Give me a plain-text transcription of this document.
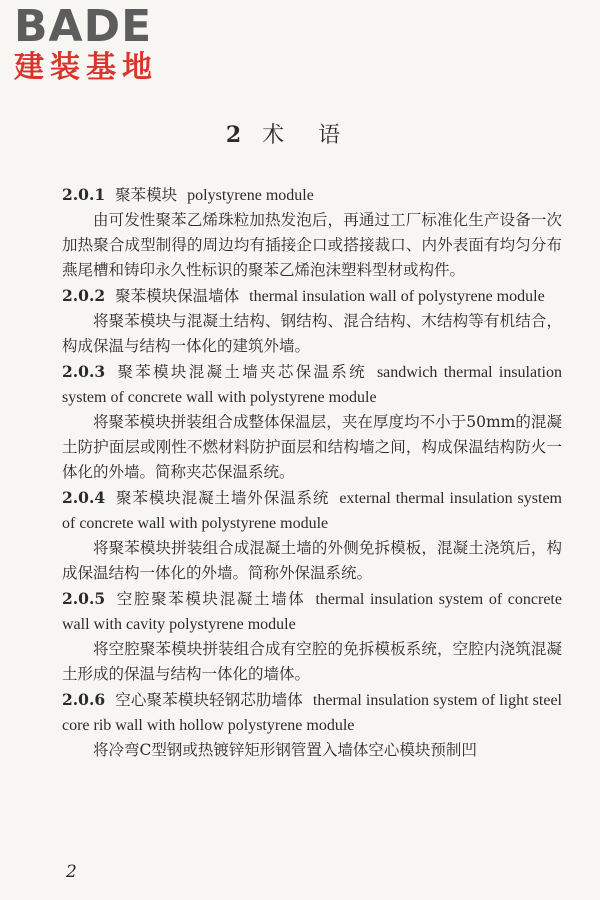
BADE
建装基地
2 术语
2.0.1 聚苯模块 polystyrene module
由可发性聚苯乙烯珠粒加热发泡后，再通过工厂标准化生产设备一次加热聚合成型制得的周边均有插接企口或搭接裁口、内外表面有均匀分布燕尾槽和铸印永久性标识的聚苯乙烯泡沫塑料型材或构件。
2.0.2 聚苯模块保温墙体 thermal insulation wall of polystyrene module
将聚苯模块与混凝土结构、钢结构、混合结构、木结构等有机结合，构成保温与结构一体化的建筑外墙。
2.0.3 聚苯模块混凝土墙夹芯保温系统 sandwich thermal insulation system of concrete wall with polystyrene module
将聚苯模块拼装组合成整体保温层，夹在厚度均不小于50mm的混凝土防护面层或刚性不燃材料防护面层和结构墙之间，构成保温结构防火一体化的外墙。简称夹芯保温系统。
2.0.4 聚苯模块混凝土墙外保温系统 external thermal insulation system of concrete wall with polystyrene module
将聚苯模块拼装组合成混凝土墙的外侧免拆模板，混凝土浇筑后，构成保温结构一体化的外墙。简称外保温系统。
2.0.5 空腔聚苯模块混凝土墙体 thermal insulation system of concrete wall with cavity polystyrene module
将空腔聚苯模块拼装组合成有空腔的免拆模板系统，空腔内浇筑混凝土形成的保温与结构一体化的墙体。
2.0.6 空心聚苯模块轻钢芯肋墙体 thermal insulation system of light steel core rib wall with hollow polystyrene module
将冷弯C型钢或热镀锌矩形钢管置入墙体空心模块预制凹
2
